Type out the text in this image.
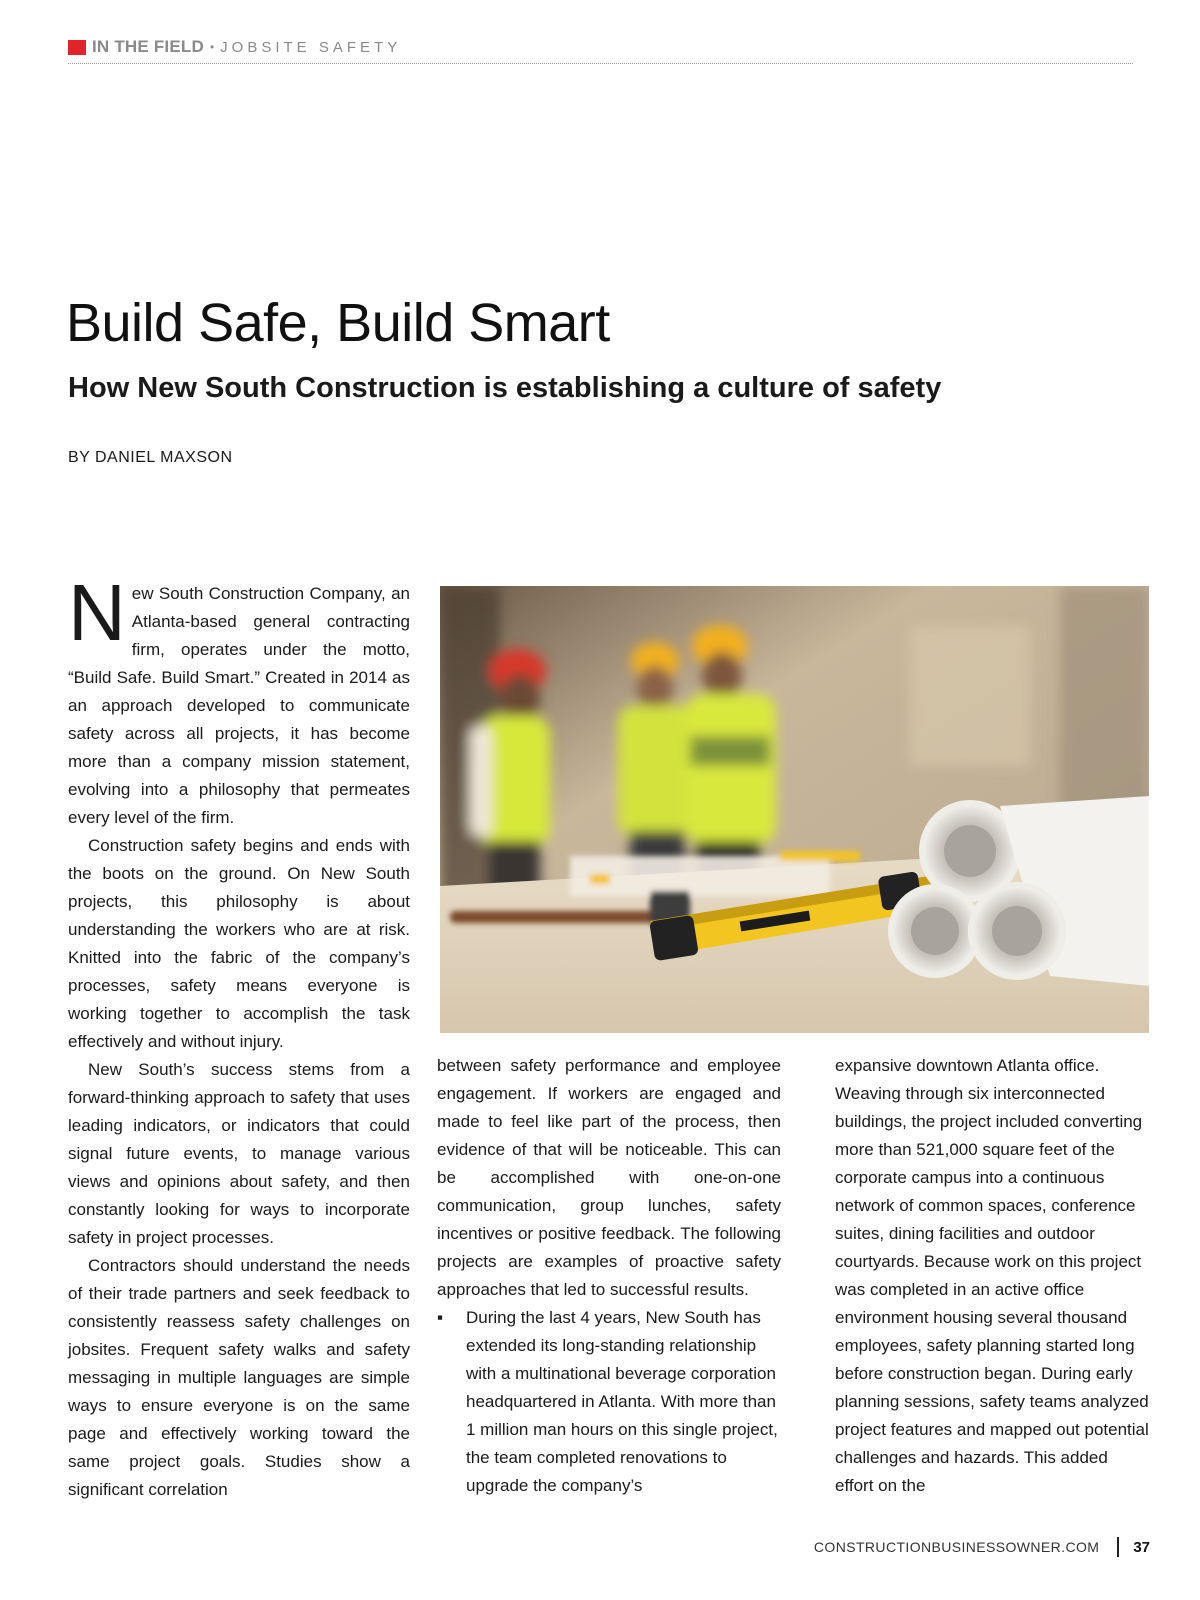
IN THE FIELD • JOBSITE SAFETY
Build Safe, Build Smart
How New South Construction is establishing a culture of safety
BY DANIEL MAXSON

New South Construction Company, an Atlanta-based general contracting firm, operates under the motto, “Build Safe. Build Smart.” Created in 2014 as an approach developed to communicate safety across all projects, it has become more than a company mission statement, evolving into a philosophy that permeates every level of the firm.

Construction safety begins and ends with the boots on the ground. On New South projects, this philosophy is about understanding the workers who are at risk. Knitted into the fabric of the company’s processes, safety means everyone is working together to accomplish the task effectively and without injury.

New South’s success stems from a forward-thinking approach to safety that uses leading indicators, or indicators that could signal future events, to manage various views and opinions about safety, and then constantly looking for ways to incorporate safety in project processes.

Contractors should understand the needs of their trade partners and seek feedback to consistently reassess safety challenges on jobsites. Frequent safety walks and safety messaging in multiple languages are simple ways to ensure everyone is on the same page and effectively working toward the same project goals. Studies show a significant correlation

between safety performance and employee engagement. If workers are engaged and made to feel like part of the process, then evidence of that will be noticeable. This can be accomplished with one-on-one communication, group lunches, safety incentives or positive feedback. The following projects are examples of proactive safety approaches that led to successful results.

▪ During the last 4 years, New South has extended its long-standing relationship with a multinational beverage corporation headquartered in Atlanta. With more than 1 million man hours on this single project, the team completed renovations to upgrade the company’s

expansive downtown Atlanta office. Weaving through six interconnected buildings, the project included converting more than 521,000 square feet of the corporate campus into a continuous network of common spaces, conference suites, dining facilities and outdoor courtyards. Because work on this project was completed in an active office environment housing several thousand employees, safety planning started long before construction began. During early planning sessions, safety teams analyzed project features and mapped out potential challenges and hazards. This added effort on the

CONSTRUCTIONBUSINESSOWNER.COM 37
